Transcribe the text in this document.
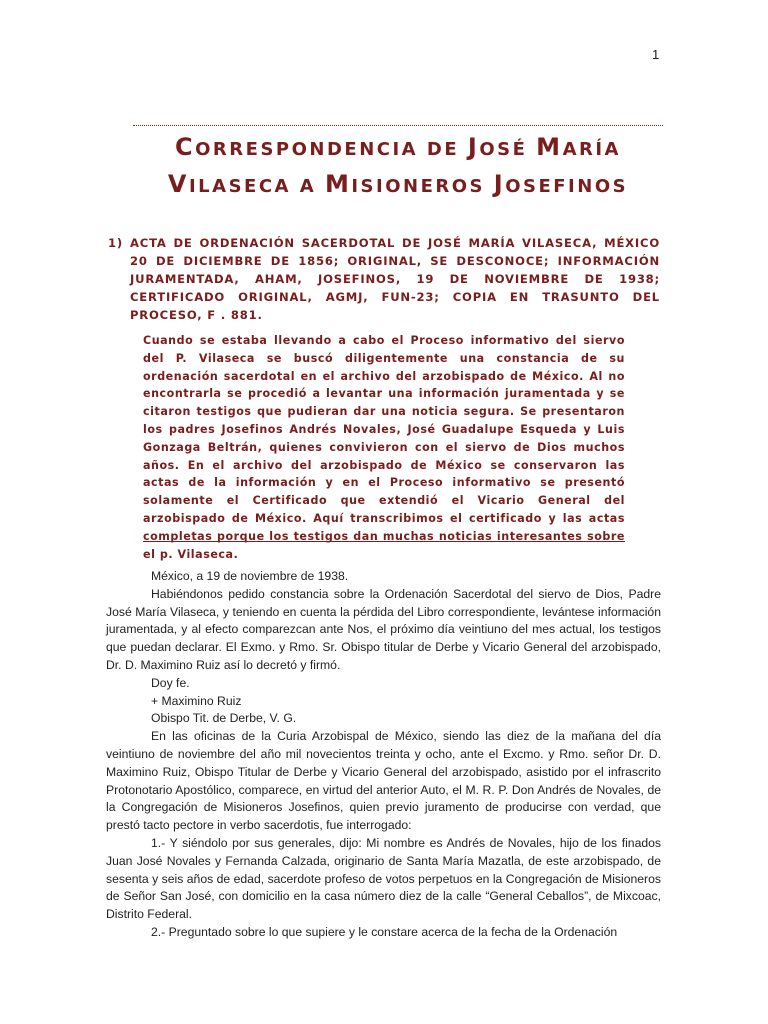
1
CORRESPONDENCIA DE JOSÉ MARÍA
VILASECA A MISIONEROS JOSEFINOS
1) ACTA DE ORDENACIÓN SACERDOTAL DE JOSÉ MARÍA VILASECA, MÉXICO 20 DE DICIEMBRE DE 1856; ORIGINAL, SE DESCONOCE; INFORMACIÓN JURAMENTADA, AHAM, JOSEFINOS, 19 DE NOVIEMBRE DE 1938; CERTIFICADO ORIGINAL, AGMJ, FUN-23; COPIA EN TRASUNTO DEL PROCESO, F . 881.
Cuando se estaba llevando a cabo el Proceso informativo del siervo del P. Vilaseca se buscó diligentemente una constancia de su ordenación sacerdotal en el archivo del arzobispado de México. Al no encontrarla se procedió a levantar una información juramentada y se citaron testigos que pudieran dar una noticia segura. Se presentaron los padres Josefinos Andrés Novales, José Guadalupe Esqueda y Luis Gonzaga Beltrán, quienes convivieron con el siervo de Dios muchos años. En el archivo del arzobispado de México se conservaron las actas de la información y en el Proceso informativo se presentó solamente el Certificado que extendió el Vicario General del arzobispado de México. Aquí transcribimos el certificado y las actas completas porque los testigos dan muchas noticias interesantes sobre el p. Vilaseca.

México, a 19 de noviembre de 1938.

Habiéndonos pedido constancia sobre la Ordenación Sacerdotal del siervo de Dios, Padre José María Vilaseca, y teniendo en cuenta la pérdida del Libro correspondiente, levántese información juramentada, y al efecto comparezcan ante Nos, el próximo día veintiuno del mes actual, los testigos que puedan declarar. El Exmo. y Rmo. Sr. Obispo titular de Derbe y Vicario General del arzobispado, Dr. D. Maximino Ruiz así lo decretó y firmó.

Doy fe.

+ Maximino Ruiz

Obispo Tit. de Derbe, V. G.

En las oficinas de la Curia Arzobispal de México, siendo las diez de la mañana del día veintiuno de noviembre del año mil novecientos treinta y ocho, ante el Excmo. y Rmo. señor Dr. D. Maximino Ruiz, Obispo Titular de Derbe y Vicario General del arzobispado, asistido por el infrascrito Protonotario Apostólico, comparece, en virtud del anterior Auto, el M. R. P. Don Andrés de Novales, de la Congregación de Misioneros Josefinos, quien previo juramento de producirse con verdad, que prestó tacto pectore in verbo sacerdotis, fue interrogado:

1.- Y siéndolo por sus generales, dijo: Mi nombre es Andrés de Novales, hijo de los finados Juan José Novales y Fernanda Calzada, originario de Santa María Mazatla, de este arzobispado, de sesenta y seis años de edad, sacerdote profeso de votos perpetuos en la Congregación de Misioneros de Señor San José, con domicilio en la casa número diez de la calle “General Ceballos”, de Mixcoac, Distrito Federal.

2.- Preguntado sobre lo que supiere y le constare acerca de la fecha de la Ordenación
